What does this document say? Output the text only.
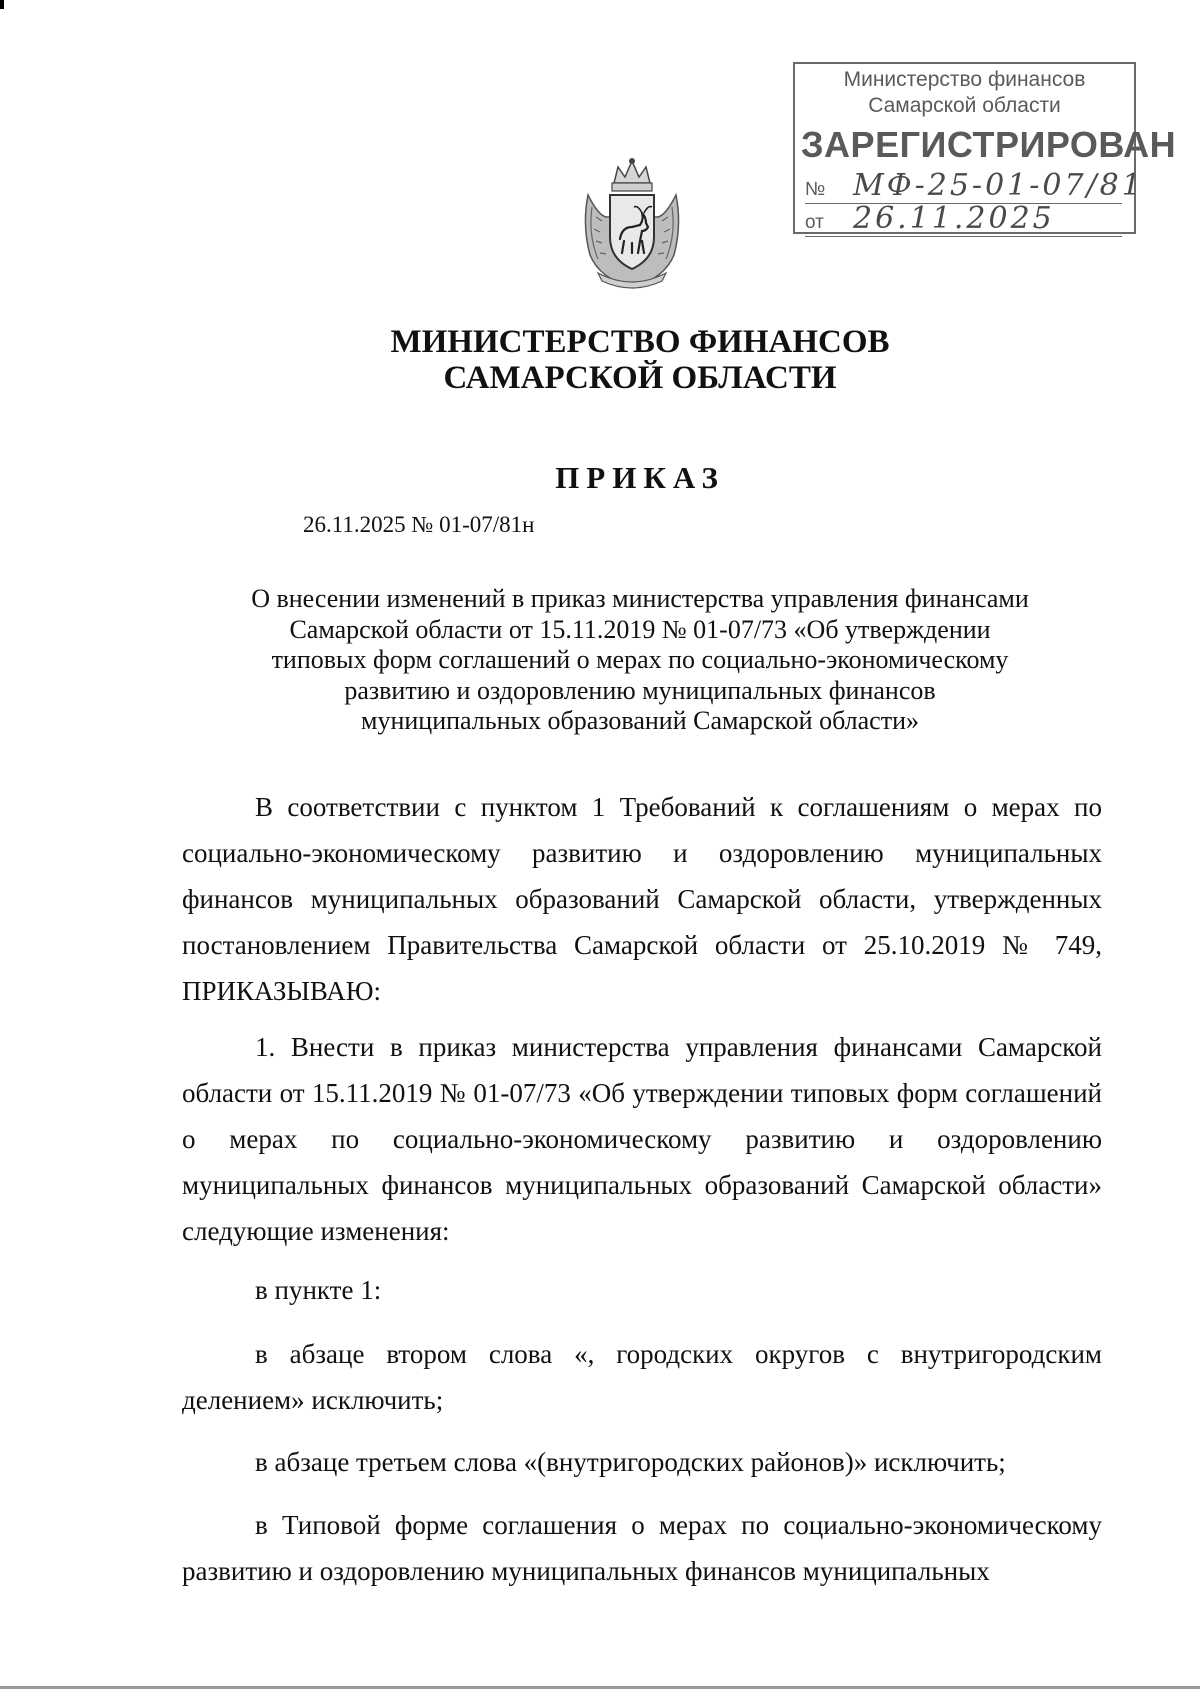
Министерство финансов
Самарской области
ЗАРЕГИСТРИРОВАН
№ МФ-25-01-07/81
от 26.11.2025
МИНИСТЕРСТВО ФИНАНСОВ
САМАРСКОЙ ОБЛАСТИ
ПРИКАЗ
26.11.2025 № 01-07/81н
О внесении изменений в приказ министерства управления финансами
Самарской области от 15.11.2019 № 01-07/73 «Об утверждении
типовых форм соглашений о мерах по социально-экономическому
развитию и оздоровлению муниципальных финансов
муниципальных образований Самарской области»

В соответствии с пунктом 1 Требований к соглашениям о мерах по социально-экономическому развитию и оздоровлению муниципальных финансов муниципальных образований Самарской области, утвержденных постановлением Правительства Самарской области от 25.10.2019 № 749, ПРИКАЗЫВАЮ:

1. Внести в приказ министерства управления финансами Самарской области от 15.11.2019 № 01-07/73 «Об утверждении типовых форм соглашений о мерах по социально-экономическому развитию и оздоровлению муниципальных финансов муниципальных образований Самарской области» следующие изменения:

в пункте 1:

в абзаце втором слова «, городских округов с внутригородским делением» исключить;

в абзаце третьем слова «(внутригородских районов)» исключить;

в Типовой форме соглашения о мерах по социально-экономическому развитию и оздоровлению муниципальных финансов муниципальных
